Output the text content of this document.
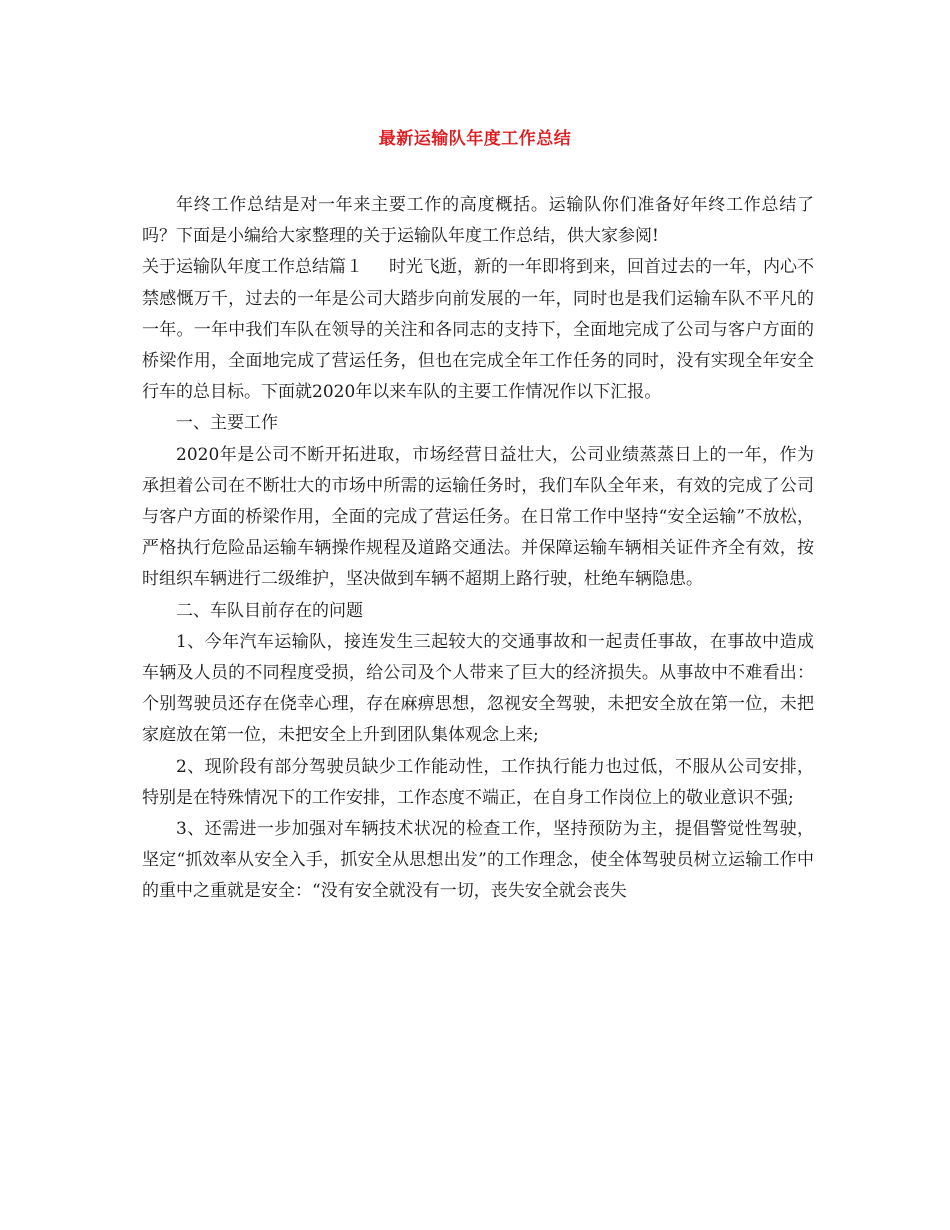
最新运输队年度工作总结

年终工作总结是对一年来主要工作的高度概括。运输队你们准备好年终工作总结了吗？下面是小编给大家整理的关于运输队年度工作总结，供大家参阅!

关于运输队年度工作总结篇１ 时光飞逝，新的一年即将到来，回首过去的一年，内心不禁感慨万千，过去的一年是公司大踏步向前发展的一年，同时也是我们运输车队不平凡的一年。一年中我们车队在领导的关注和各同志的支持下，全面地完成了公司与客户方面的桥梁作用，全面地完成了营运任务，但也在完成全年工作任务的同时，没有实现全年安全行车的总目标。下面就2020年以来车队的主要工作情况作以下汇报。

一、主要工作

2020年是公司不断开拓进取，市场经营日益壮大，公司业绩蒸蒸日上的一年，作为承担着公司在不断壮大的市场中所需的运输任务时，我们车队全年来，有效的完成了公司与客户方面的桥梁作用，全面的完成了营运任务。在日常工作中坚持“安全运输”不放松，严格执行危险品运输车辆操作规程及道路交通法。并保障运输车辆相关证件齐全有效，按时组织车辆进行二级维护，坚决做到车辆不超期上路行驶，杜绝车辆隐患。

二、车队目前存在的问题

1、今年汽车运输队，接连发生三起较大的交通事故和一起责任事故，在事故中造成车辆及人员的不同程度受损，给公司及个人带来了巨大的经济损失。从事故中不难看出：个别驾驶员还存在侥幸心理，存在麻痹思想，忽视安全驾驶，未把安全放在第一位，未把家庭放在第一位，未把安全上升到团队集体观念上来;

2、现阶段有部分驾驶员缺少工作能动性，工作执行能力也过低，不服从公司安排，特别是在特殊情况下的工作安排，工作态度不端正，在自身工作岗位上的敬业意识不强;

3、还需进一步加强对车辆技术状况的检查工作，坚持预防为主，提倡警觉性驾驶，坚定“抓效率从安全入手，抓安全从思想出发”的工作理念，使全体驾驶员树立运输工作中的重中之重就是安全：“没有安全就没有一切，丧失安全就会丧失
